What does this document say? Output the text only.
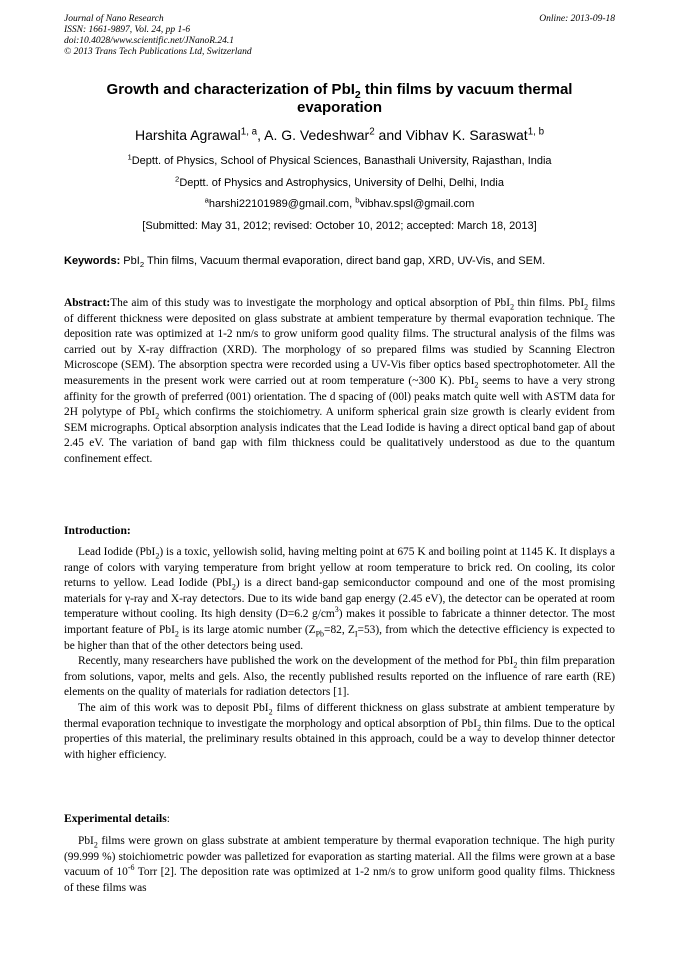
Journal of Nano Research
ISSN: 1661-9897, Vol. 24, pp 1-6
doi:10.4028/www.scientific.net/JNanoR.24.1
© 2013 Trans Tech Publications Ltd, Switzerland
Online: 2013-09-18
Growth and characterization of PbI$_2$ thin films by vacuum thermal evaporation
Harshita Agrawal$^{1, a}$, A. G. Vedeshwar$^2$ and Vibhav K. Saraswat$^{1, b}$
$^1$Deptt. of Physics, School of Physical Sciences, Banasthali University, Rajasthan, India
$^2$Deptt. of Physics and Astrophysics, University of Delhi, Delhi, India
$^a$harshi22101989@gmail.com, $^b$vibhav.spsl@gmail.com
[Submitted: May 31, 2012; revised: October 10, 2012; accepted: March 18, 2013]
Keywords: PbI$_2$ Thin films, Vacuum thermal evaporation, direct band gap, XRD, UV-Vis, and SEM.

Abstract:The aim of this study was to investigate the morphology and optical absorption of PbI$_2$ thin films. PbI$_2$ films of different thickness were deposited on glass substrate at ambient temperature by thermal evaporation technique. The deposition rate was optimized at 1-2 nm/s to grow uniform good quality films. The structural analysis of the films was carried out by X-ray diffraction (XRD). The morphology of so prepared films was studied by Scanning Electron Microscope (SEM). The absorption spectra were recorded using a UV-Vis fiber optics based spectrophotometer. All the measurements in the present work were carried out at room temperature (~300 K). PbI$_2$ seems to have a very strong affinity for the growth of preferred (001) orientation. The d spacing of (00l) peaks match quite well with ASTM data for 2H polytype of PbI$_2$ which confirms the stoichiometry. A uniform spherical grain size growth is clearly evident from SEM micrographs. Optical absorption analysis indicates that the Lead Iodide is having a direct optical band gap of about 2.45 eV. The variation of band gap with film thickness could be qualitatively understood as due to the quantum confinement effect.

Introduction:

Lead Iodide (PbI$_2$) is a toxic, yellowish solid, having melting point at 675 K and boiling point at 1145 K. It displays a range of colors with varying temperature from bright yellow at room temperature to brick red. On cooling, its color returns to yellow. Lead Iodide (PbI$_2$) is a direct band-gap semiconductor compound and one of the most promising materials for γ-ray and X-ray detectors. Due to its wide band gap energy (2.45 eV), the detector can be operated at room temperature without cooling. Its high density (D=6.2 $g/cm^3$) makes it possible to fabricate a thinner detector. The most important feature of PbI$_2$ is its large atomic number ($Z_{Pb}=82$, $Z_I=53$), from which the detective efficiency is expected to be higher than that of the other detectors being used.

Recently, many researchers have published the work on the development of the method for PbI$_2$ thin film preparation from solutions, vapor, melts and gels. Also, the recently published results reported on the influence of rare earth (RE) elements on the quality of materials for radiation detectors [1].

The aim of this work was to deposit PbI$_2$ films of different thickness on glass substrate at ambient temperature by thermal evaporation technique to investigate the morphology and optical absorption of PbI$_2$ thin films. Due to the optical properties of this material, the preliminary results obtained in this approach, could be a way to develop thinner detector with higher efficiency.

Experimental details:

PbI$_2$ films were grown on glass substrate at ambient temperature by thermal evaporation technique. The high purity (99.999 %) stoichiometric powder was palletized for evaporation as starting material. All the films were grown at a base vacuum of $10^{-6}$ Torr [2]. The deposition rate was optimized at 1-2 nm/s to grow uniform good quality films. Thickness of these films was
